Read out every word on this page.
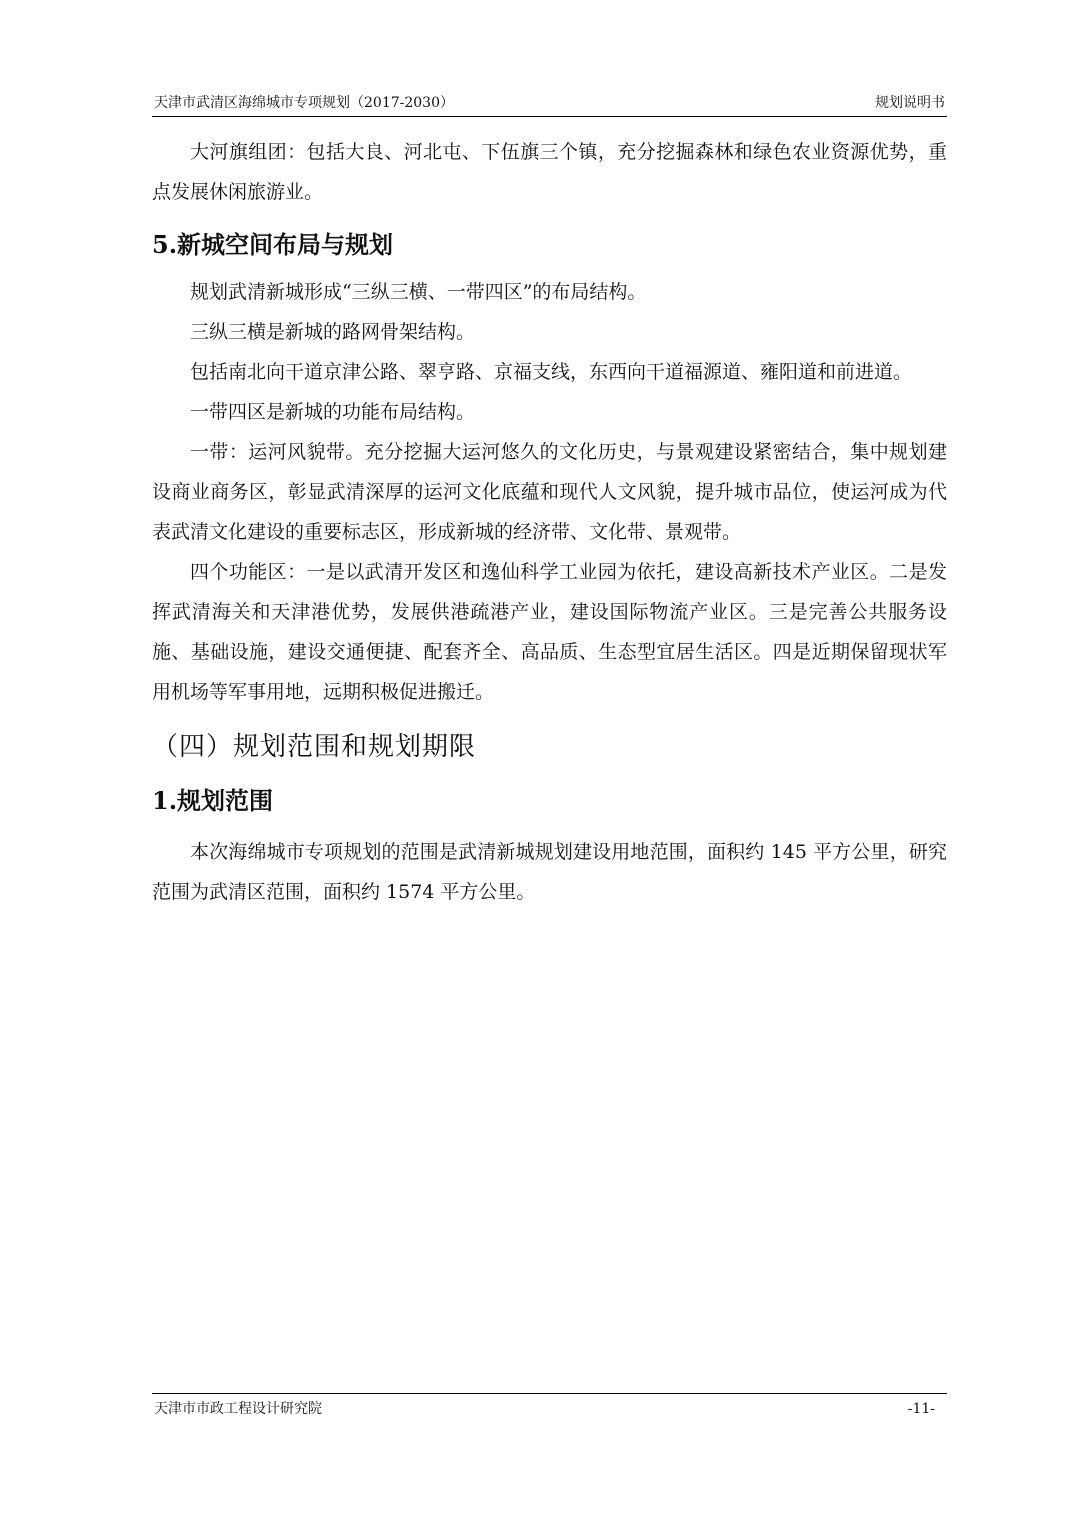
天津市武清区海绵城市专项规划（2017-2030）	规划说明书

大河旗组团：包括大良、河北屯、下伍旗三个镇，充分挖掘森林和绿色农业资源优势，重点发展休闲旅游业。

5.新城空间布局与规划

规划武清新城形成“三纵三横、一带四区”的布局结构。

三纵三横是新城的路网骨架结构。

包括南北向干道京津公路、翠亨路、京福支线，东西向干道福源道、雍阳道和前进道。

一带四区是新城的功能布局结构。

一带：运河风貌带。充分挖掘大运河悠久的文化历史，与景观建设紧密结合，集中规划建设商业商务区，彰显武清深厚的运河文化底蕴和现代人文风貌，提升城市品位，使运河成为代表武清文化建设的重要标志区，形成新城的经济带、文化带、景观带。

四个功能区：一是以武清开发区和逸仙科学工业园为依托，建设高新技术产业区。二是发挥武清海关和天津港优势，发展供港疏港产业，建设国际物流产业区。三是完善公共服务设施、基础设施，建设交通便捷、配套齐全、高品质、生态型宜居生活区。四是近期保留现状军用机场等军事用地，远期积极促进搬迁。

（四）规划范围和规划期限
1.规划范围

本次海绵城市专项规划的范围是武清新城规划建设用地范围，面积约 145 平方公里，研究范围为武清区范围，面积约 1574 平方公里。

天津市市政工程设计研究院	-11-
